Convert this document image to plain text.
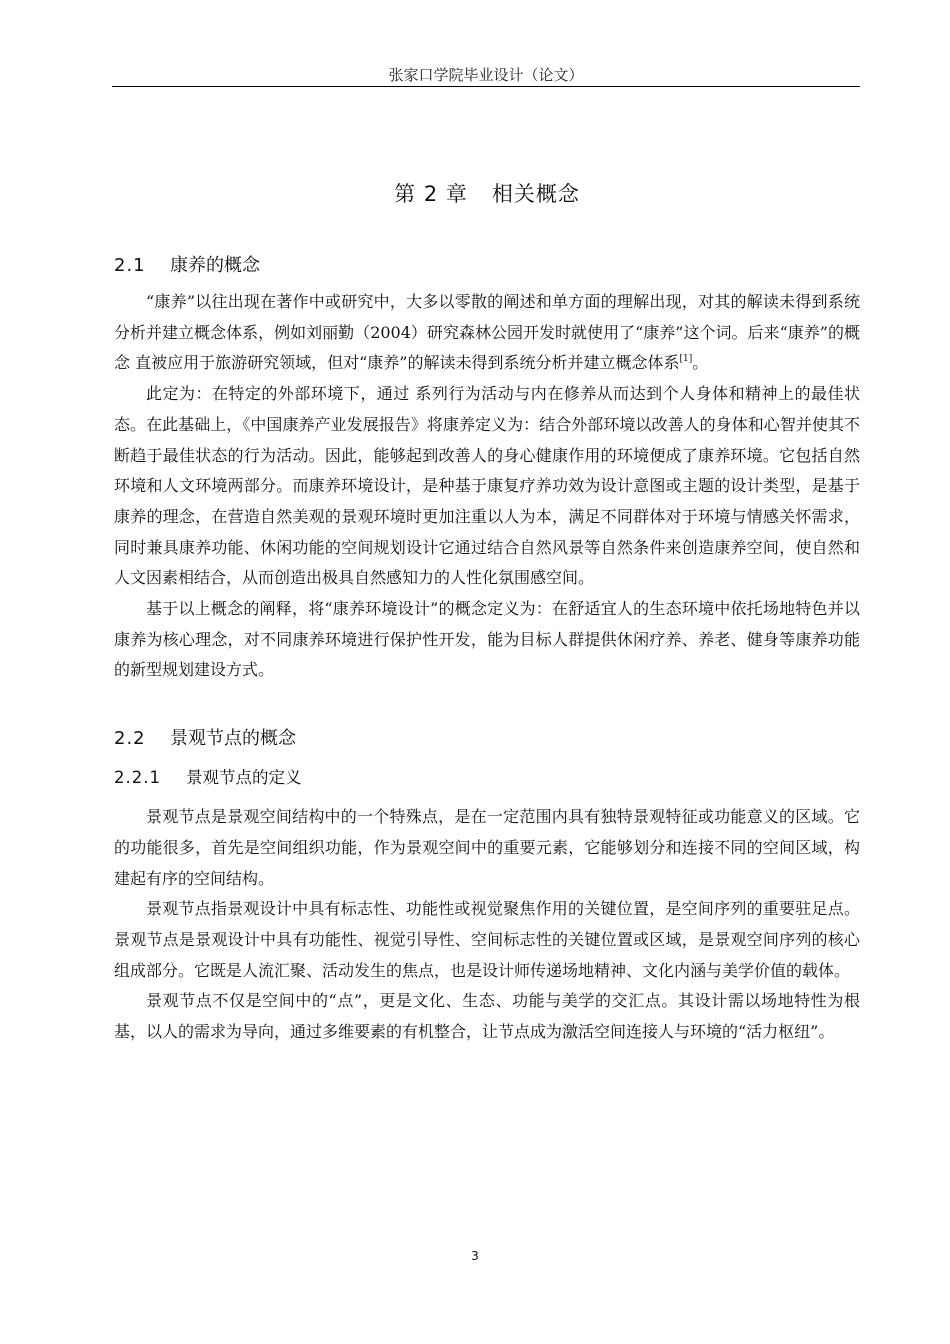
张家口学院毕业设计（论文）
第 2 章 相关概念
2.1 康养的概念

“康养”以往出现在著作中或研究中，大多以零散的阐述和单方面的理解出现，对其的解读未得到系统分析并建立概念体系，例如刘丽勤（2004）研究森林公园开发时就使用了“康养”这个词。后来“康养”的概念 直被应用于旅游研究领域，但对“康养”的解读未得到系统分析并建立概念体系[1]。

此定为：在特定的外部环境下，通过 系列行为活动与内在修养从而达到个人身体和精神上的最佳状态。在此基础上，《中国康养产业发展报告》将康养定义为：结合外部环境以改善人的身体和心智并使其不断趋于最佳状态的行为活动。因此，能够起到改善人的身心健康作用的环境便成了康养环境。它包括自然环境和人文环境两部分。而康养环境设计，是种基于康复疗养功效为设计意图或主题的设计类型，是基于康养的理念，在营造自然美观的景观环境时更加注重以人为本，满足不同群体对于环境与情感关怀需求，同时兼具康养功能、休闲功能的空间规划设计它通过结合自然风景等自然条件来创造康养空间，使自然和人文因素相结合，从而创造出极具自然感知力的人性化氛围感空间。

基于以上概念的阐释，将“康养环境设计”的概念定义为：在舒适宜人的生态环境中依托场地特色并以康养为核心理念，对不同康养环境进行保护性开发，能为目标人群提供休闲疗养、养老、健身等康养功能的新型规划建设方式。

2.2 景观节点的概念
2.2.1 景观节点的定义

景观节点是景观空间结构中的一个特殊点，是在一定范围内具有独特景观特征或功能意义的区域。它的功能很多，首先是空间组织功能，作为景观空间中的重要元素，它能够划分和连接不同的空间区域，构建起有序的空间结构。

景观节点指景观设计中具有标志性、功能性或视觉聚焦作用的关键位置，是空间序列的重要驻足点。景观节点是景观设计中具有功能性、视觉引导性、空间标志性的关键位置或区域，是景观空间序列的核心组成部分。它既是人流汇聚、活动发生的焦点，也是设计师传递场地精神、文化内涵与美学价值的载体。

景观节点不仅是空间中的“点”，更是文化、生态、功能与美学的交汇点。其设计需以场地特性为根基，以人的需求为导向，通过多维要素的有机整合，让节点成为激活空间连接人与环境的“活力枢纽”。

3
